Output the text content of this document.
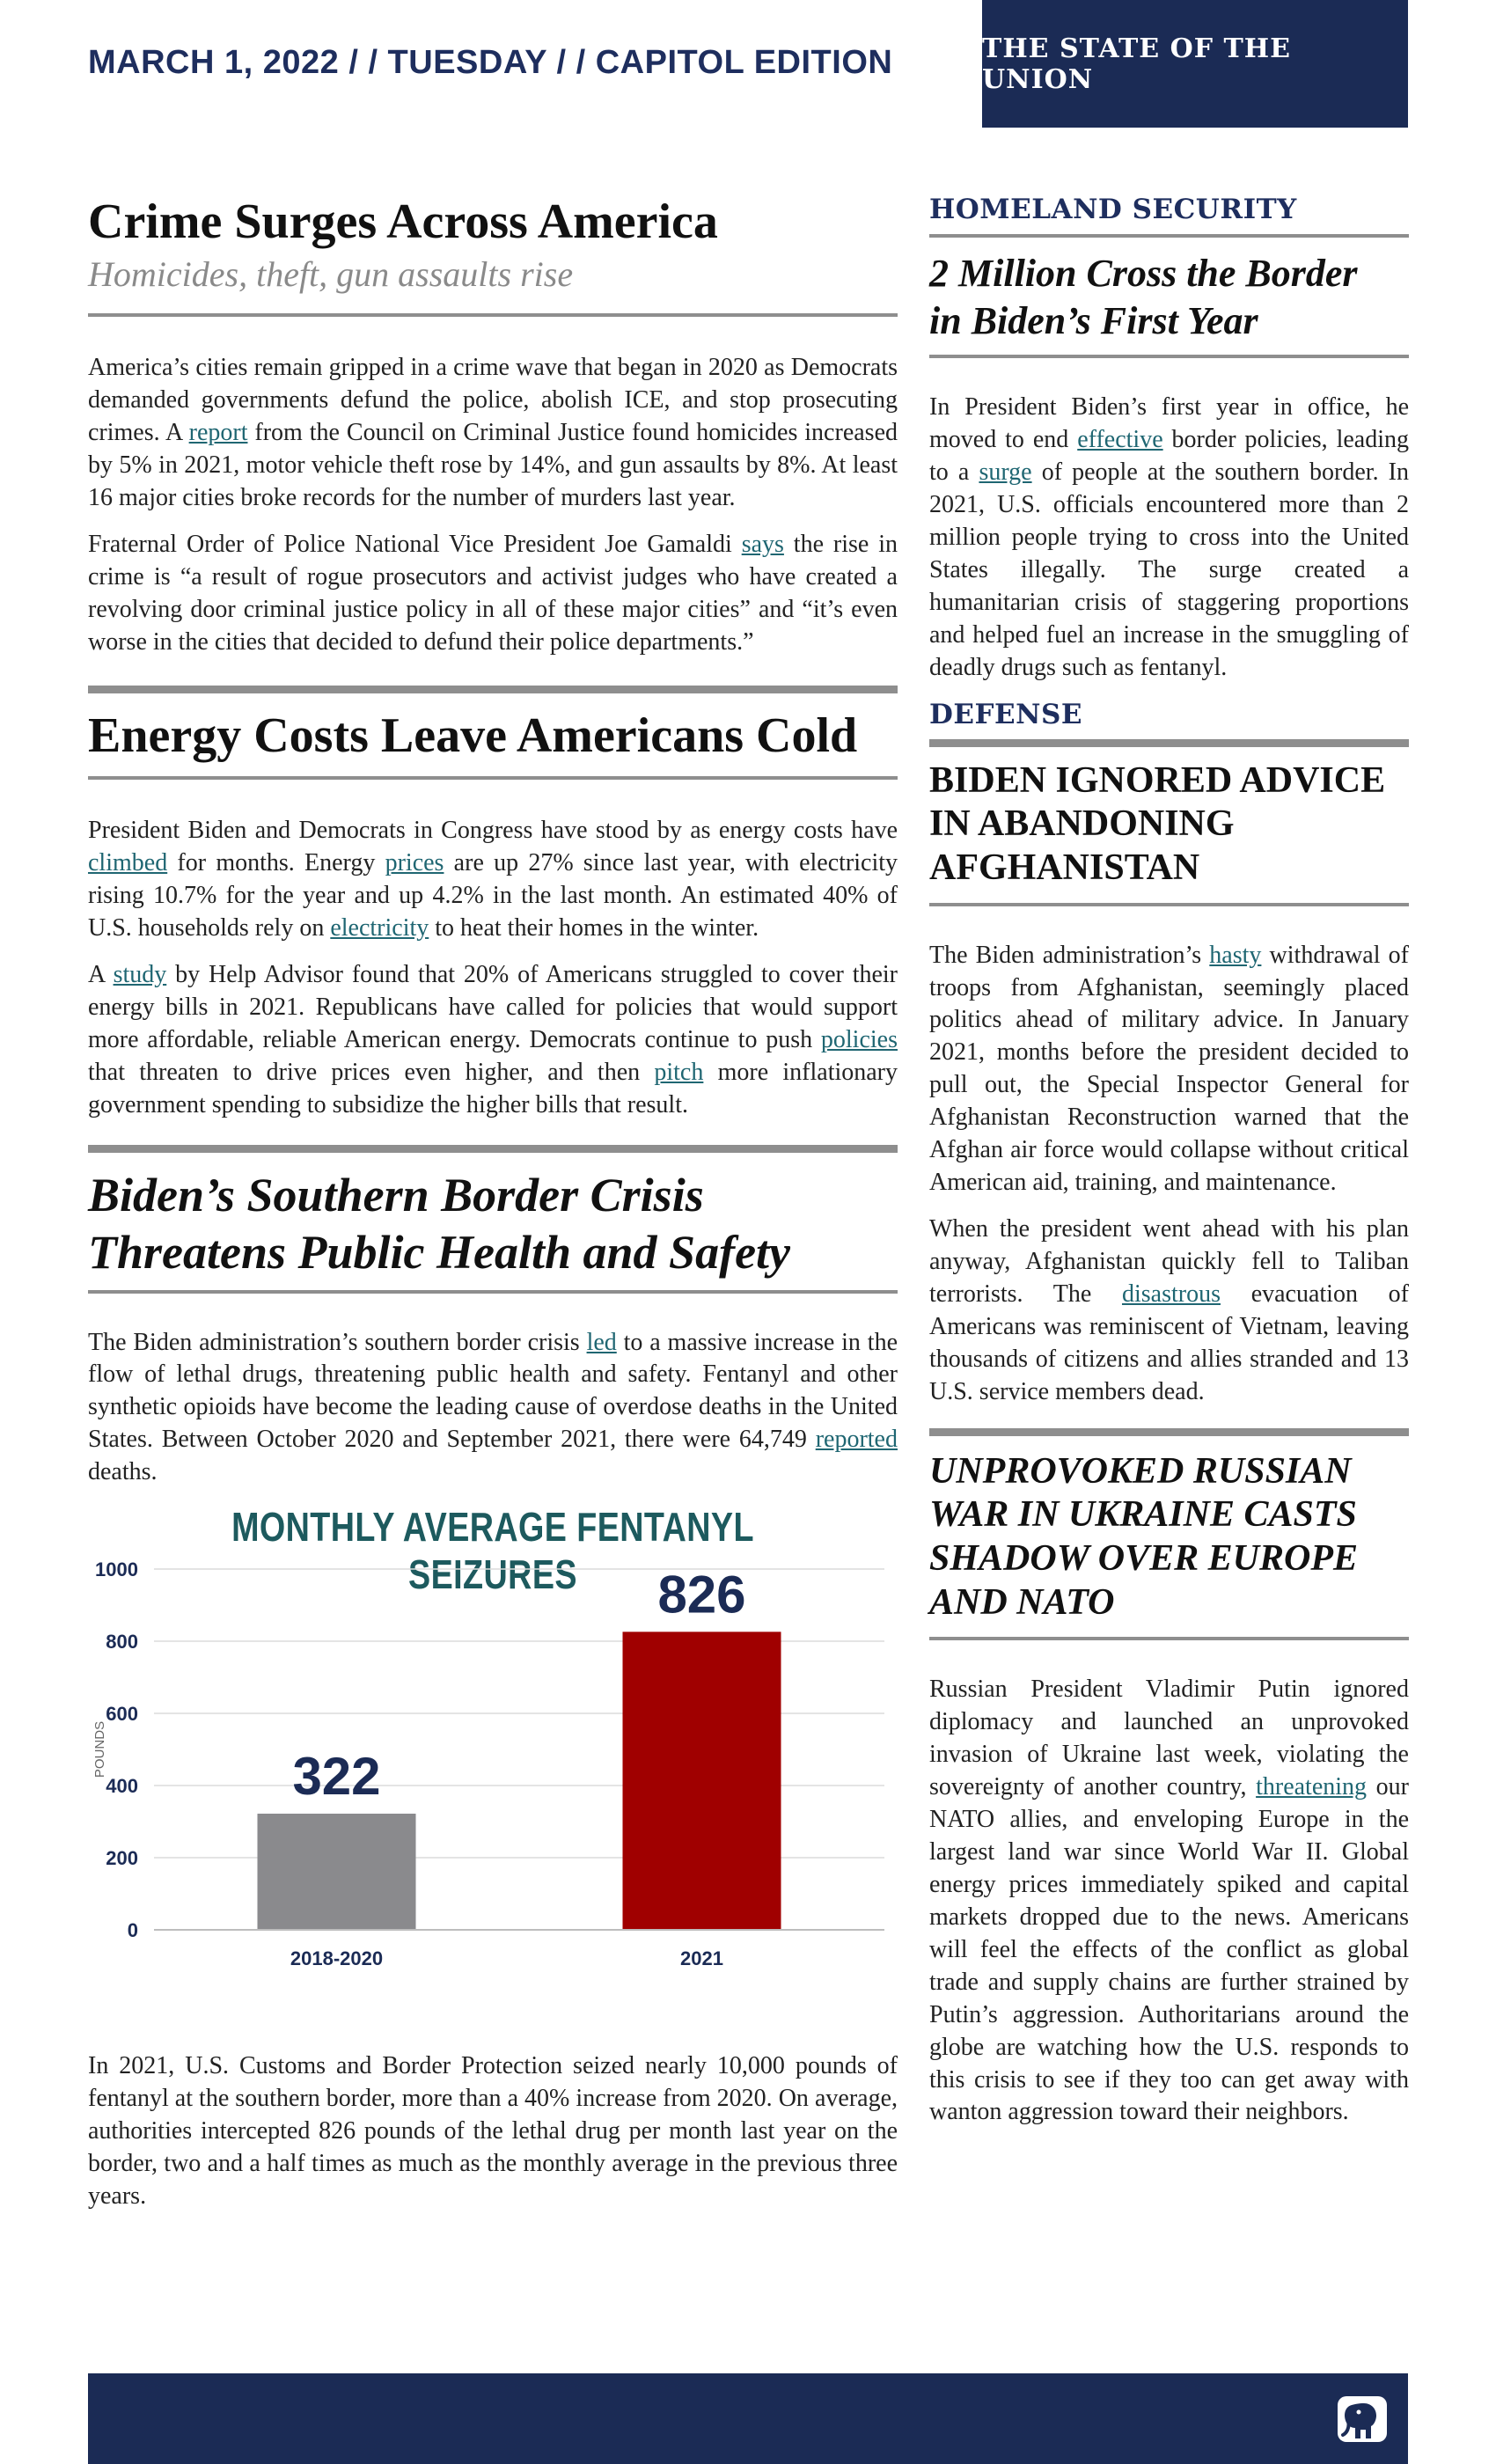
MARCH 1, 2022 / / TUESDAY / / CAPITOL EDITION	THE STATE OF THE UNION
Crime Surges Across America
Homicides, theft, gun assaults rise

America’s cities remain gripped in a crime wave that began in 2020 as Democrats demanded governments defund the police, abolish ICE, and stop prosecuting crimes. A report from the Council on Criminal Justice found homicides increased by 5% in 2021, motor vehicle theft rose by 14%, and gun assaults by 8%. At least 16 major cities broke records for the number of murders last year.

Fraternal Order of Police National Vice President Joe Gamaldi says the rise in crime is “a result of rogue prosecutors and activist judges who have created a revolving door criminal justice policy in all of these major cities” and “it’s even worse in the cities that decided to defund their police departments.”

Energy Costs Leave Americans Cold

President Biden and Democrats in Congress have stood by as energy costs have climbed for months. Energy prices are up 27% since last year, with electricity rising 10.7% for the year and up 4.2% in the last month. An estimated 40% of U.S. households rely on electricity to heat their homes in the winter.

A study by Help Advisor found that 20% of Americans struggled to cover their energy bills in 2021. Republicans have called for policies that would support more affordable, reliable American energy. Democrats continue to push policies that threaten to drive prices even higher, and then pitch more inflationary government spending to subsidize the higher bills that result.

Biden’s Southern Border Crisis
Threatens Public Health and Safety

The Biden administration’s southern border crisis led to a massive increase in the flow of lethal drugs, threatening public health and safety. Fentanyl and other synthetic opioids have become the leading cause of overdose deaths in the United States. Between October 2020 and September 2021, there were 64,749 reported deaths.

MONTHLY AVERAGE FENTANYL SEIZURES
0
200
400
600
800
1000
POUNDS	322
2018-2020
826
2021

In 2021, U.S. Customs and Border Protection seized nearly 10,000 pounds of fentanyl at the southern border, more than a 40% increase from 2020. On average, authorities intercepted 826 pounds of the lethal drug per month last year on the border, two and a half times as much as the monthly average in the previous three years.

HOMELAND SECURITY
2 Million Cross the Border
in Biden’s First Year

In President Biden’s first year in office, he moved to end effective border policies, leading to a surge of people at the southern border. In 2021, U.S. officials encountered more than 2 million people trying to cross into the United States illegally. The surge created a humanitarian crisis of staggering proportions and helped fuel an increase in the smuggling of deadly drugs such as fentanyl.

DEFENSE
BIDEN IGNORED ADVICE
IN ABANDONING
AFGHANISTAN

The Biden administration’s hasty withdrawal of troops from Afghanistan, seemingly placed politics ahead of military advice. In January 2021, months before the president decided to pull out, the Special Inspector General for Afghanistan Reconstruction warned that the Afghan air force would collapse without critical American aid, training, and maintenance.

When the president went ahead with his plan anyway, Afghanistan quickly fell to Taliban terrorists. The disastrous evacuation of Americans was reminiscent of Vietnam, leaving thousands of citizens and allies stranded and 13 U.S. service members dead.

UNPROVOKED RUSSIAN
WAR IN UKRAINE CASTS
SHADOW OVER EUROPE
AND NATO

Russian President Vladimir Putin ignored diplomacy and launched an unprovoked invasion of Ukraine last week, violating the sovereignty of another country, threatening our NATO allies, and enveloping Europe in the largest land war since World War II. Global energy prices immediately spiked and capital markets dropped due to the news. Americans will feel the effects of the conflict as global trade and supply chains are further strained by Putin’s aggression. Authoritarians around the globe are watching how the U.S. responds to this crisis to see if they too can get away with wanton aggression toward their neighbors.
